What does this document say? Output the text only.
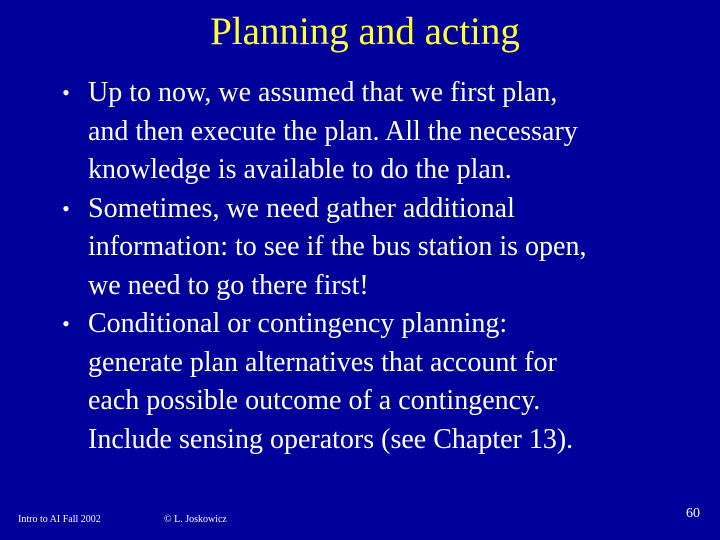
Planning and acting
• Up to now, we assumed that we first plan,
and then execute the plan. All the necessary
knowledge is available to do the plan.
• Sometimes, we need gather additional
information: to see if the bus station is open,
we need to go there first!
• Conditional or contingency planning:
generate plan alternatives that account for
each possible outcome of a contingency.
Include sensing operators (see Chapter 13).
Intro to AI Fall 2002	© L. Joskowicz	60
